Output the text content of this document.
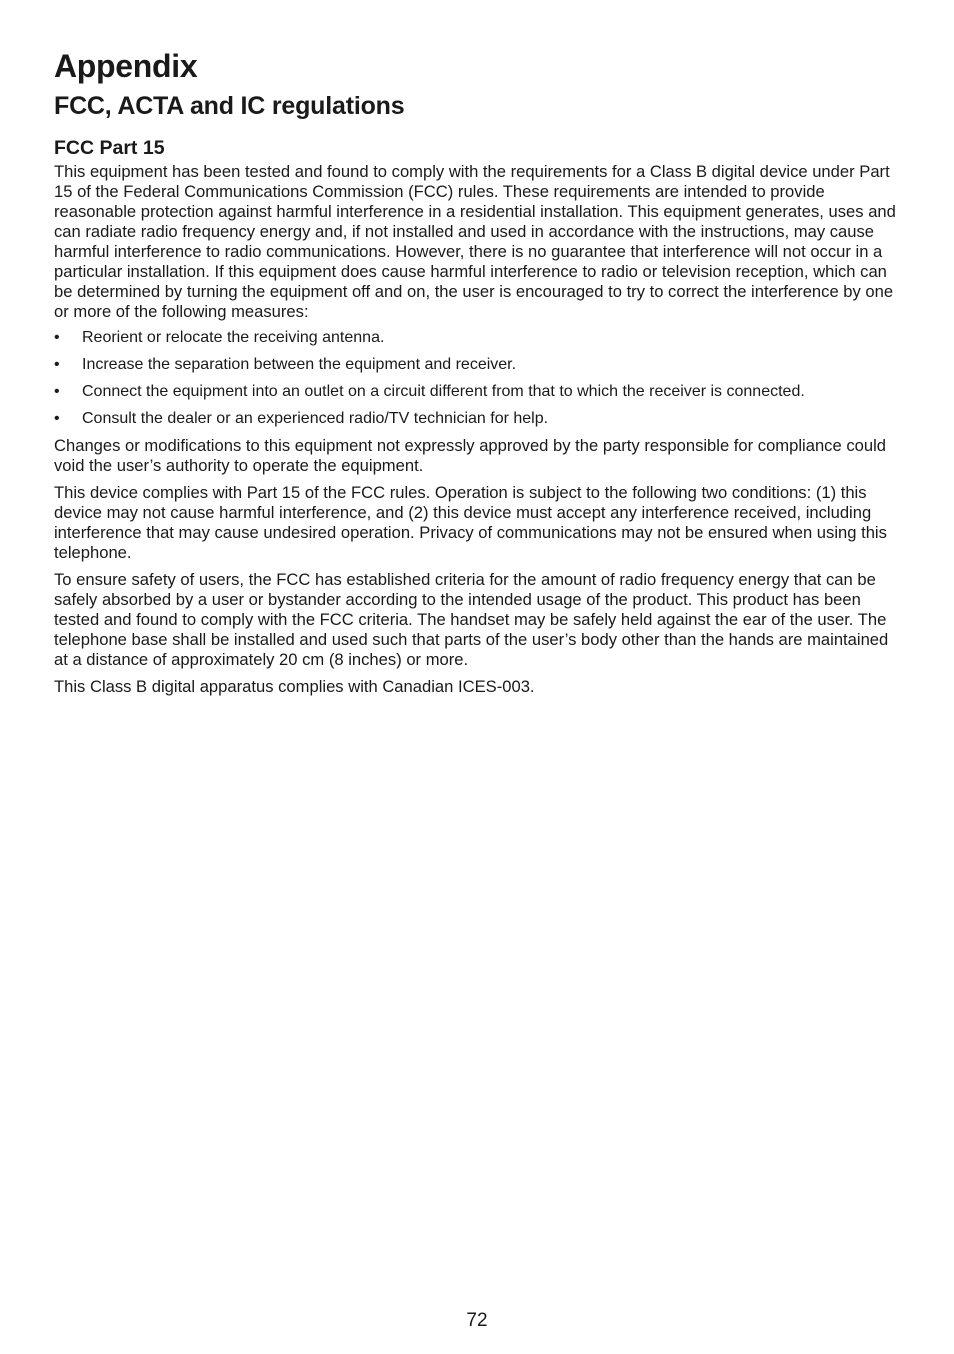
Appendix
FCC, ACTA and IC regulations
FCC Part 15

This equipment has been tested and found to comply with the requirements for a Class B digital device under Part 15 of the Federal Communications Commission (FCC) rules. These requirements are intended to provide reasonable protection against harmful interference in a residential installation. This equipment generates, uses and can radiate radio frequency energy and, if not installed and used in accordance with the instructions, may cause harmful interference to radio communications. However, there is no guarantee that interference will not occur in a particular installation. If this equipment does cause harmful interference to radio or television reception, which can be determined by turning the equipment off and on, the user is encouraged to try to correct the interference by one or more of the following measures:

• Reorient or relocate the receiving antenna.
• Increase the separation between the equipment and receiver.
• Connect the equipment into an outlet on a circuit different from that to which the receiver is connected.
• Consult the dealer or an experienced radio/TV technician for help.

Changes or modifications to this equipment not expressly approved by the party responsible for compliance could void the user’s authority to operate the equipment.

This device complies with Part 15 of the FCC rules. Operation is subject to the following two conditions: (1) this device may not cause harmful interference, and (2) this device must accept any interference received, including interference that may cause undesired operation. Privacy of communications may not be ensured when using this telephone.

To ensure safety of users, the FCC has established criteria for the amount of radio frequency energy that can be safely absorbed by a user or bystander according to the intended usage of the product. This product has been tested and found to comply with the FCC criteria. The handset may be safely held against the ear of the user. The telephone base shall be installed and used such that parts of the user’s body other than the hands are maintained at a distance of approximately 20 cm (8 inches) or more.

This Class B digital apparatus complies with Canadian ICES-003.

72
